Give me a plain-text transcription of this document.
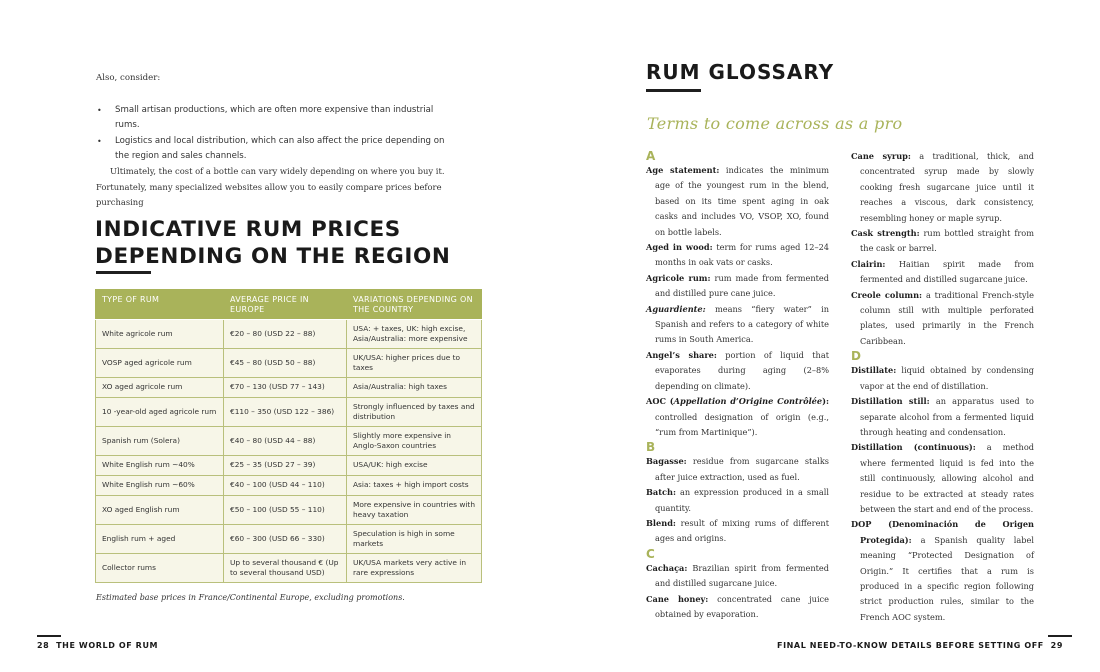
Also, consider:

• Small artisan productions, which are often more expensive than industrial rums.
• Logistics and local distribution, which can also affect the price depending on the region and sales channels.

Ultimately, the cost of a bottle can vary widely depending on where you buy it. Fortunately, many specialized websites allow you to easily compare prices before purchasing

INDICATIVE RUM PRICES
DEPENDING ON THE REGION
TYPE OF RUM	AVERAGE PRICE IN EUROPE	VARIATIONS DEPENDING ON THE COUNTRY
White agricole rum	€20 – 80 (USD 22 – 88)	USA: + taxes, UK: high excise, Asia/Australia: more expensive
VOSP aged agricole rum	€45 – 80 (USD 50 – 88)	UK/USA: higher prices due to taxes
XO aged agricole rum	€70 – 130 (USD 77 – 143)	Asia/Australia: high taxes
10 -year-old aged agricole rum	€110 – 350 (USD 122 – 386)	Strongly influenced by taxes and distribution
Spanish rum (Solera)	€40 – 80 (USD 44 – 88)	Slightly more expensive in Anglo-Saxon countries
White English rum ~40%	€25 – 35 (USD 27 – 39)	USA/UK: high excise
White English rum ~60%	€40 – 100 (USD 44 – 110)	Asia: taxes + high import costs
XO aged English rum	€50 – 100 (USD 55 – 110)	More expensive in countries with heavy taxation
English rum + aged	€60 – 300 (USD 66 – 330)	Speculation is high in some markets
Collector rums	Up to several thousand € (Up to several thousand USD)	UK/USA markets very active in rare expressions

Estimated base prices in France/Continental Europe, excluding promotions.

28 THE WORLD OF RUM
RUM GLOSSARY

Terms to come across as a pro

A

Age statement: indicates the minimum age of the youngest rum in the blend, based on its time spent aging in oak casks and includes VO, VSOP, XO, found on bottle labels.

Aged in wood: term for rums aged 12–24 months in oak vats or casks.

Agricole rum: rum made from fermented and distilled pure cane juice.

Aguardiente: means “fiery water” in Spanish and refers to a category of white rums in South America.

Angel’s share: portion of liquid that evaporates during aging (2–8% depending on climate).

AOC (Appellation d’Origine Contrôlée): controlled designation of origin (e.g., “rum from Martinique”).

B

Bagasse: residue from sugarcane stalks after juice extraction, used as fuel.

Batch: an expression produced in a small quantity.

Blend: result of mixing rums of different ages and origins.

C

Cachaça: Brazilian spirit from fermented and distilled sugarcane juice.

Cane honey: concentrated cane juice obtained by evaporation.

Cane syrup: a traditional, thick, and concentrated syrup made by slowly cooking fresh sugarcane juice until it reaches a viscous, dark consistency, resembling honey or maple syrup.

Cask strength: rum bottled straight from the cask or barrel.

Clairin: Haitian spirit made from fermented and distilled sugarcane juice.

Creole column: a traditional French-style column still with multiple perforated plates, used primarily in the French Caribbean.

D

Distillate: liquid obtained by condensing vapor at the end of distillation.

Distillation still: an apparatus used to separate alcohol from a fermented liquid through heating and condensation.

Distillation (continuous): a method where fermented liquid is fed into the still continuously, allowing alcohol and residue to be extracted at steady rates between the start and end of the process.

DOP (Denominación de Origen Protegida): a Spanish quality label meaning “Protected Designation of Origin.” It certifies that a rum is produced in a specific region following strict production rules, similar to the French AOC system.

FINAL NEED-TO-KNOW DETAILS BEFORE SETTING OFF 29
